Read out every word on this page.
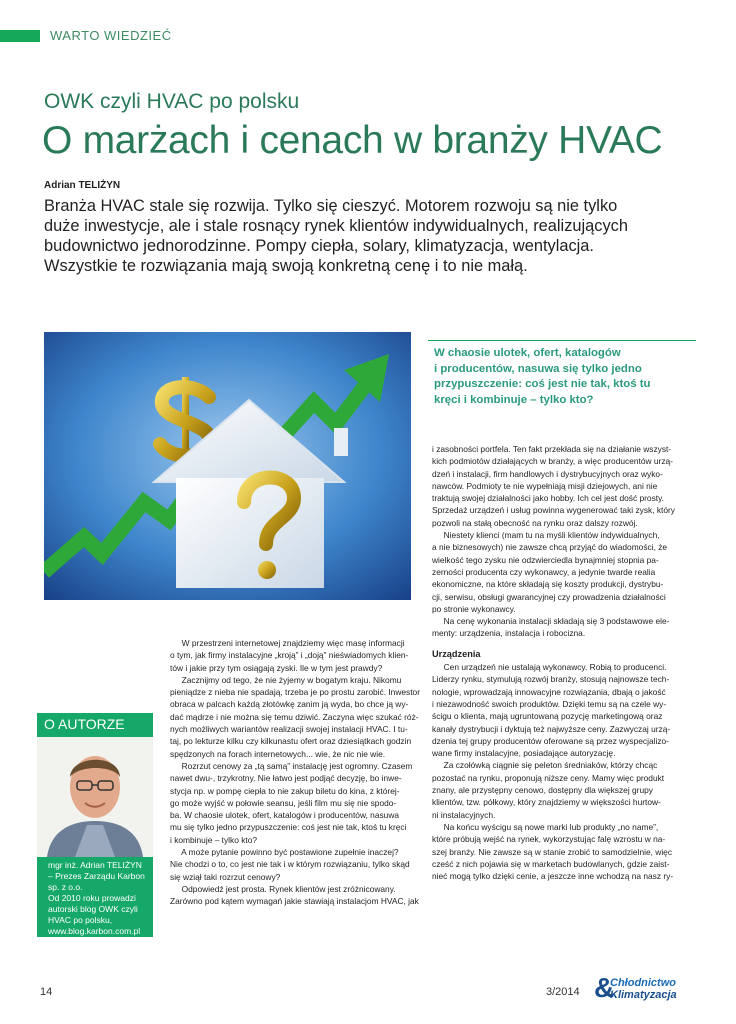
WARTO WIEDZIEĆ
OWK czyli HVAC po polsku
O marżach i cenach w branży HVAC
Adrian TELIŻYN

Branża HVAC stale się rozwija. Tylko się cieszyć. Motorem rozwoju są nie tylko

duże inwestycje, ale i stale rosnący rynek klientów indywidualnych, realizujących

budownictwo jednorodzinne. Pompy ciepła, solary, klimatyzacja, wentylacja.

Wszystkie te rozwiązania mają swoją konkretną cenę i to nie małą.

W chaosie ulotek, ofert, katalogów

i producentów, nasuwa się tylko jedno

przypuszczenie: coś jest nie tak, ktoś tu

kręci i kombinuje – tylko kto?

O AUTORZE

mgr inż. Adrian TELIŻYN

– Prezes Zarządu Karbon

sp. z o.o.

Od 2010 roku prowadzi

autorski blog OWK czyli

HVAC po polsku,

www.blog.karbon.com.pl

W przestrzeni internetowej znajdziemy więc masę informacji

o tym, jak firmy instalacyjne „kroją” i „doją” nieświadomych klien-

tów i jakie przy tym osiągają zyski. Ile w tym jest prawdy?

Zacznijmy od tego, że nie żyjemy w bogatym kraju. Nikomu

pieniądze z nieba nie spadają, trzeba je po prostu zarobić. Inwestor

obraca w palcach każdą złotówkę zanim ją wyda, bo chce ją wy-

dać mądrze i nie można się temu dziwić. Zaczyna więc szukać róż-

nych możliwych wariantów realizacji swojej instalacji HVAC. I tu-

taj, po lekturze kilku czy kilkunastu ofert oraz dziesiątkach godzin

spędzonych na forach internetowych... wie, że nic nie wie.

Rozrzut cenowy za „tą samą” instalację jest ogromny. Czasem

nawet dwu-, trzykrotny. Nie łatwo jest podjąć decyzję, bo inwe-

stycja np. w pompę ciepła to nie zakup biletu do kina, z której-

go może wyjść w połowie seansu, jeśli film mu się nie spodo-

ba. W chaosie ulotek, ofert, katalogów i producentów, nasuwa

mu się tylko jedno przypuszczenie: coś jest nie tak, ktoś tu kręci

i kombinuje – tylko kto?

A może pytanie powinno być postawione zupełnie inaczej?

Nie chodzi o to, co jest nie tak i w którym rozwiązaniu, tylko skąd

się wziął taki rozrzut cenowy?

Odpowiedź jest prosta. Rynek klientów jest zróżnicowany.

Zarówno pod kątem wymagań jakie stawiają instalacjom HVAC, jak

i zasobności portfela. Ten fakt przekłada się na działanie wszyst-

kich podmiotów działających w branży, a więc producentów urzą-

dzeń i instalacji, firm handlowych i dystrybucyjnych oraz wyko-

nawców. Podmioty te nie wypełniają misji dziejowych, ani nie

traktują swojej działalności jako hobby. Ich cel jest dość prosty.

Sprzedaż urządzeń i usług powinna wygenerować taki zysk, który

pozwoli na stałą obecność na rynku oraz dalszy rozwój.

Niestety klienci (mam tu na myśli klientów indywidualnych,

a nie biznesowych) nie zawsze chcą przyjąć do wiadomości, że

wielkość tego zysku nie odzwierciedla bynajmniej stopnia pa-

zerności producenta czy wykonawcy, a jedynie twarde realia

ekonomiczne, na które składają się koszty produkcji, dystrybu-

cji, serwisu, obsługi gwarancyjnej czy prowadzenia działalności

po stronie wykonawcy.

Na cenę wykonania instalacji składają się 3 podstawowe ele-

menty: urządzenia, instalacja i robocizna.

Urządzenia

Cen urządzeń nie ustalają wykonawcy. Robią to producenci.

Liderzy rynku, stymulują rozwój branży, stosują najnowsze tech-

nologie, wprowadzają innowacyjne rozwiązania, dbają o jakość

i niezawodność swoich produktów. Dzięki temu są na czele wy-

ścigu o klienta, mają ugruntowaną pozycję marketingową oraz

kanały dystrybucji i dyktują też najwyższe ceny. Zazwyczaj urzą-

dzenia tej grupy producentów oferowane są przez wyspecjalizo-

wane firmy instalacyjne, posiadające autoryzację.

Za czołówką ciągnie się peleton średniaków, którzy chcąc

pozostać na rynku, proponują niższe ceny. Mamy więc produkt

znany, ale przystępny cenowo, dostępny dla większej grupy

klientów, tzw. półkowy, który znajdziemy w większości hurtow-

ni instalacyjnych.

Na końcu wyścigu są nowe marki lub produkty „no name”,

które próbują wejść na rynek, wykorzystując falę wzrostu w na-

szej branży. Nie zawsze są w stanie zrobić to samodzielnie, więc

cześć z nich pojawia się w marketach budowlanych, gdzie zaist-

nieć mogą tylko dzięki cenie, a jeszcze inne wchodzą na nasz ry-

14	3/2014 &
Chłodnictwo
Klimatyzacja
